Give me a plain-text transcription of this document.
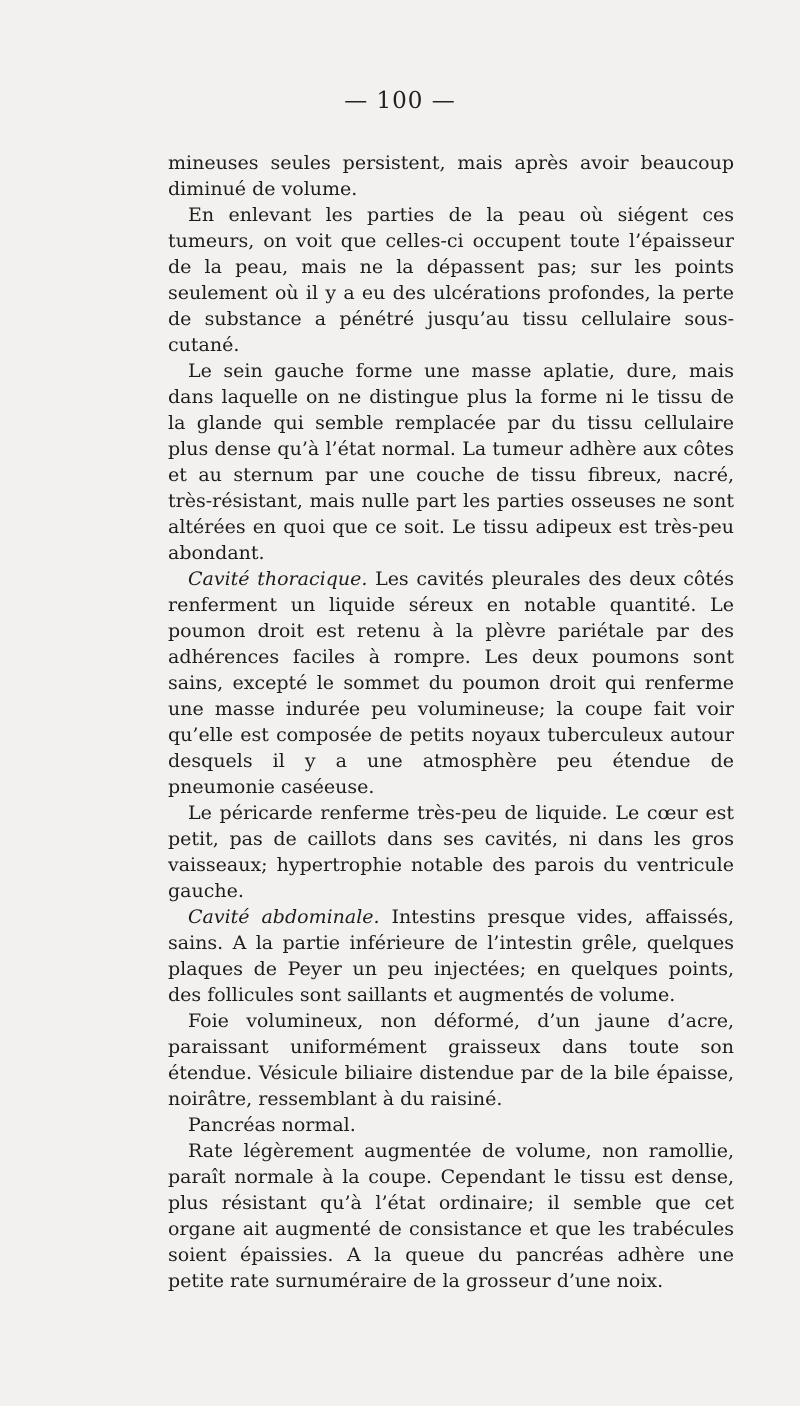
— 100 —

mineuses seules persistent, mais après avoir beaucoup diminué de volume.

En enlevant les parties de la peau où siégent ces tumeurs, on voit que celles-ci occupent toute l’épaisseur de la peau, mais ne la dépassent pas; sur les points seulement où il y a eu des ulcérations profondes, la perte de substance a pénétré jusqu’au tissu cellulaire sous-cutané.

Le sein gauche forme une masse aplatie, dure, mais dans laquelle on ne distingue plus la forme ni le tissu de la glande qui semble remplacée par du tissu cellulaire plus dense qu’à l’état normal. La tumeur adhère aux côtes et au sternum par une couche de tissu fibreux, nacré, très-résistant, mais nulle part les parties osseuses ne sont altérées en quoi que ce soit. Le tissu adipeux est très-peu abondant.

Cavité thoracique. Les cavités pleurales des deux côtés renferment un liquide séreux en notable quantité. Le poumon droit est retenu à la plèvre pariétale par des adhérences faciles à rompre. Les deux poumons sont sains, excepté le sommet du poumon droit qui renferme une masse indurée peu volumineuse; la coupe fait voir qu’elle est composée de petits noyaux tuberculeux autour desquels il y a une atmosphère peu étendue de pneumonie caséeuse.

Le péricarde renferme très-peu de liquide. Le cœur est petit, pas de caillots dans ses cavités, ni dans les gros vaisseaux; hypertrophie notable des parois du ventricule gauche.

Cavité abdominale. Intestins presque vides, affaissés, sains. A la partie inférieure de l’intestin grêle, quelques plaques de Peyer un peu injectées; en quelques points, des follicules sont saillants et augmentés de volume.

Foie volumineux, non déformé, d’un jaune d’acre, paraissant uniformément graisseux dans toute son étendue. Vésicule biliaire distendue par de la bile épaisse, noirâtre, ressemblant à du raisiné.

Pancréas normal.

Rate légèrement augmentée de volume, non ramollie, paraît normale à la coupe. Cependant le tissu est dense, plus résistant qu’à l’état ordinaire; il semble que cet organe ait augmenté de consistance et que les trabécules soient épaissies. A la queue du pancréas adhère une petite rate surnuméraire de la grosseur d’une noix.
